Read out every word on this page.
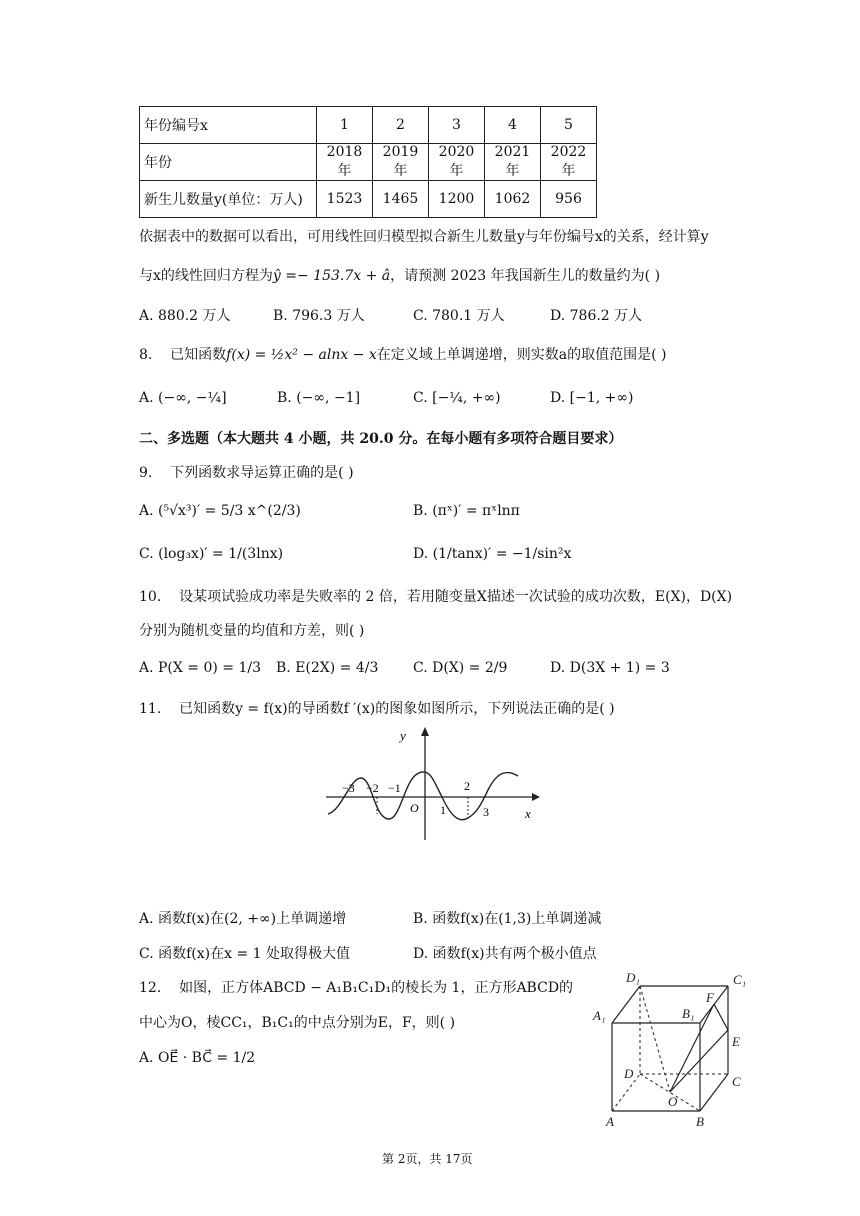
年份编号x	1	2	3	4	5
年份	2018 年	2019 年	2020 年	2021 年	2022 年
新生儿数量y(单位：万人)	1523	1465	1200	1062	956
依据表中的数据可以看出，可用线性回归模型拟合新生儿数量y与年份编号x的关系，经计算y
与x的线性回归方程为ŷ =− 153.7x + â，请预测 2023 年我国新生儿的数量约为( )
A. 880.2 万人	B. 796.3 万人	C. 780.1 万人	D. 786.2 万人
8. 已知函数f(x) = ½x² − alnx − x在定义域上单调递增，则实数a的取值范围是( )
A. (−∞, −¼]	B. (−∞, −1]	C. [−¼, +∞)	D. [−1, +∞)
二、多选题（本大题共 4 小题，共 20.0 分。在每小题有多项符合题目要求）
9. 下列函数求导运算正确的是( )
A. (⁵√x³)′ = 5/3 x^(2/3)	B. (πˣ)′ = πˣlnπ
C. (log₃x)′ = 1/(3lnx)	D. (1/tanx)′ = −1/sin²x
10. 设某项试验成功率是失败率的 2 倍，若用随变量X描述一次试验的成功次数，E(X)，D(X)
分别为随机变量的均值和方差，则( )
A. P(X = 0) = 1/3 B. E(2X) = 4/3 C. D(X) = 2/9	D. D(3X + 1) = 3
11. 已知函数y = f(x)的导函数f ′(x)的图象如图所示，下列说法正确的是( )
y
x
O
−3 −2 −1
1
2
3
A. 函数f(x)在(2, +∞)上单调递增	B. 函数f(x)在(1,3)上单调递减
C. 函数f(x)在x = 1 处取得极大值	D. 函数f(x)共有两个极小值点
12. 如图，正方体ABCD − A₁B₁C₁D₁的棱长为 1，正方形ABCD的
中心为O，棱CC₁，B₁C₁的中点分别为E，F，则( )
A. OE⃗ · BC⃗ = 1/2
D₁	C₁
A₁	B₁
F
E
D
C
O
A	B
第 2页，共 17页
